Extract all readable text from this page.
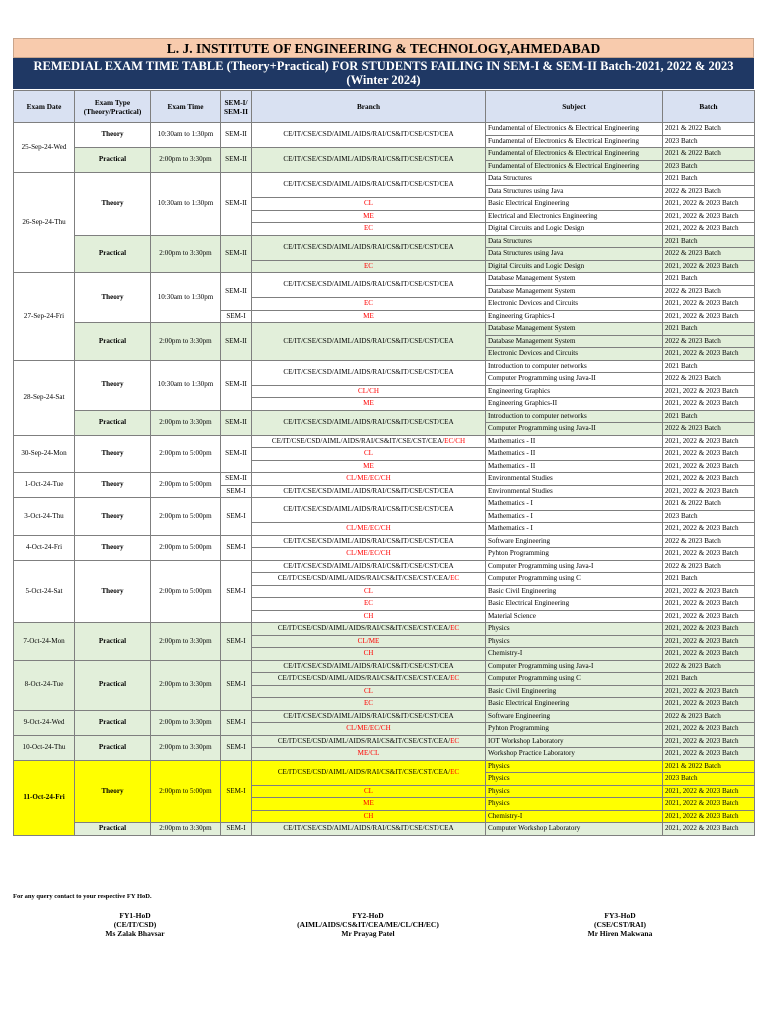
L. J. INSTITUTE OF ENGINEERING & TECHNOLOGY,AHMEDABAD
REMEDIAL EXAM TIME TABLE (Theory+Practical) FOR STUDENTS FAILING IN SEM-I & SEM-II Batch-2021, 2022 & 2023
(Winter 2024)
Exam Date	Exam Type (Theory/Practical)	Exam Time	SEM-I/ SEM-II	Branch	Subject	Batch
25-Sep-24-Wed	Theory	10:30am to 1:30pm	SEM-II	CE/IT/CSE/CSD/AIML/AIDS/RAI/CS&IT/CSE/CST/CEA	Fundamental of Electronics & Electrical Engineering	2021 & 2022 Batch
					Fundamental of Electronics & Electrical Engineering	2023 Batch
	Practical	2:00pm to 3:30pm	SEM-II	CE/IT/CSE/CSD/AIML/AIDS/RAI/CS&IT/CSE/CST/CEA	Fundamental of Electronics & Electrical Engineering	2021 & 2022 Batch
					Fundamental of Electronics & Electrical Engineering	2023 Batch
26-Sep-24-Thu	Theory	10:30am to 1:30pm	SEM-II	CE/IT/CSE/CSD/AIML/AIDS/RAI/CS&IT/CSE/CST/CEA	Data Structures	2021 Batch
					Data Structures using Java	2022 & 2023 Batch
				CL	Basic Electrical Engineering	2021, 2022 & 2023 Batch
				ME	Electrical and Electronics Engineering	2021, 2022 & 2023 Batch
				EC	Digital Circuits and Logic Design	2021, 2022 & 2023 Batch
	Practical	2:00pm to 3:30pm	SEM-II	CE/IT/CSE/CSD/AIML/AIDS/RAI/CS&IT/CSE/CST/CEA	Data Structures	2021 Batch
					Data Structures using Java	2022 & 2023 Batch
				EC	Digital Circuits and Logic Design	2021, 2022 & 2023 Batch
27-Sep-24-Fri	Theory	10:30am to 1:30pm	SEM-II	CE/IT/CSE/CSD/AIML/AIDS/RAI/CS&IT/CSE/CST/CEA	Database Management System	2021 Batch
					Database Management System	2022 & 2023 Batch
				EC	Electronic Devices and Circuits	2021, 2022 & 2023 Batch
			SEM-I	ME	Engineering Graphics-I	2021, 2022 & 2023 Batch
	Practical	2:00pm to 3:30pm	SEM-II	CE/IT/CSE/CSD/AIML/AIDS/RAI/CS&IT/CSE/CST/CEA	Database Management System	2021 Batch
					Database Management System	2022 & 2023 Batch
					Electronic Devices and Circuits	2021, 2022 & 2023 Batch
28-Sep-24-Sat	Theory	10:30am to 1:30pm	SEM-II	CE/IT/CSE/CSD/AIML/AIDS/RAI/CS&IT/CSE/CST/CEA	Introduction to computer networks	2021 Batch
					Computer Programming using Java-II	2022 & 2023 Batch
				CL/CH	Engineering Graphics	2021, 2022 & 2023 Batch
				ME	Engineering Graphics-II	2021, 2022 & 2023 Batch
	Practical	2:00pm to 3:30pm	SEM-II	CE/IT/CSE/CSD/AIML/AIDS/RAI/CS&IT/CSE/CST/CEA	Introduction to computer networks	2021 Batch
					Computer Programming using Java-II	2022 & 2023 Batch
30-Sep-24-Mon	Theory	2:00pm to 5:00pm	SEM-II	CE/IT/CSE/CSD/AIML/AIDS/RAI/CS&IT/CSE/CST/CEA/EC/CH	Mathematics - II	2021, 2022 & 2023 Batch
				CL	Mathematics - II	2021, 2022 & 2023 Batch
				ME	Mathematics - II	2021, 2022 & 2023 Batch
1-Oct-24-Tue	Theory	2:00pm to 5:00pm	SEM-II	CL/ME/EC/CH	Environmental Studies	2021, 2022 & 2023 Batch
			SEM-I	CE/IT/CSE/CSD/AIML/AIDS/RAI/CS&IT/CSE/CST/CEA	Environmental Studies	2021, 2022 & 2023 Batch
3-Oct-24-Thu	Theory	2:00pm to 5:00pm	SEM-I	CE/IT/CSE/CSD/AIML/AIDS/RAI/CS&IT/CSE/CST/CEA	Mathematics - I	2021 & 2022 Batch
					Mathematics - I	2023 Batch
				CL/ME/EC/CH	Mathematics - I	2021, 2022 & 2023 Batch
4-Oct-24-Fri	Theory	2:00pm to 5:00pm	SEM-I	CE/IT/CSE/CSD/AIML/AIDS/RAI/CS&IT/CSE/CST/CEA	Software Engineering	2022 & 2023 Batch
				CL/ME/EC/CH	Pyhton Programming	2021, 2022 & 2023 Batch
5-Oct-24-Sat	Theory	2:00pm to 5:00pm	SEM-I	CE/IT/CSE/CSD/AIML/AIDS/RAI/CS&IT/CSE/CST/CEA	Computer Programming using Java-I	2022 & 2023 Batch
				CE/IT/CSE/CSD/AIML/AIDS/RAI/CS&IT/CSE/CST/CEA/EC	Computer Programming using C	2021 Batch
				CL	Basic Civil Engineering	2021, 2022 & 2023 Batch
				EC	Basic Electrical Engineering	2021, 2022 & 2023 Batch
				CH	Material Science	2021, 2022 & 2023 Batch
7-Oct-24-Mon	Practical	2:00pm to 3:30pm	SEM-I	CE/IT/CSE/CSD/AIML/AIDS/RAI/CS&IT/CSE/CST/CEA/EC	Physics	2021, 2022 & 2023 Batch
				CL/ME	Physics	2021, 2022 & 2023 Batch
				CH	Chemistry-I	2021, 2022 & 2023 Batch
8-Oct-24-Tue	Practical	2:00pm to 3:30pm	SEM-I	CE/IT/CSE/CSD/AIML/AIDS/RAI/CS&IT/CSE/CST/CEA	Computer Programming using Java-I	2022 & 2023 Batch
				CE/IT/CSE/CSD/AIML/AIDS/RAI/CS&IT/CSE/CST/CEA/EC	Computer Programming using C	2021 Batch
				CL	Basic Civil Engineering	2021, 2022 & 2023 Batch
				EC	Basic Electrical Engineering	2021, 2022 & 2023 Batch
9-Oct-24-Wed	Practical	2:00pm to 3:30pm	SEM-I	CE/IT/CSE/CSD/AIML/AIDS/RAI/CS&IT/CSE/CST/CEA	Software Engineering	2022 & 2023 Batch
				CL/ME/EC/CH	Pyhton Programming	2021, 2022 & 2023 Batch
10-Oct-24-Thu	Practical	2:00pm to 3:30pm	SEM-I	CE/IT/CSE/CSD/AIML/AIDS/RAI/CS&IT/CSE/CST/CEA/EC	IOT Workshop Laboratory	2021, 2022 & 2023 Batch
				ME/CL	Workshop Practice Laboratory	2021, 2022 & 2023 Batch
11-Oct-24-Fri	Theory	2:00pm to 5:00pm	SEM-I	CE/IT/CSE/CSD/AIML/AIDS/RAI/CS&IT/CSE/CST/CEA/EC	Physics	2021 & 2022 Batch
					Physics	2023 Batch
				CL	Physics	2021, 2022 & 2023 Batch
				ME	Physics	2021, 2022 & 2023 Batch
				CH	Chemistry-I	2021, 2022 & 2023 Batch
	Practical	2:00pm to 3:30pm	SEM-I	CE/IT/CSE/CSD/AIML/AIDS/RAI/CS&IT/CSE/CST/CEA	Computer Workshop Laboratory	2021, 2022 & 2023 Batch
For any query contact to your respective FY HoD.
FY1-HoD
(CE/IT/CSD)
Ms Zalak Bhavsar
FY2-HoD
(AIML/AIDS/CS&IT/CEA/ME/CL/CH/EC)
Mr Prayag Patel
FY3-HoD
(CSE/CST/RAI)
Mr Hiren Makwana
